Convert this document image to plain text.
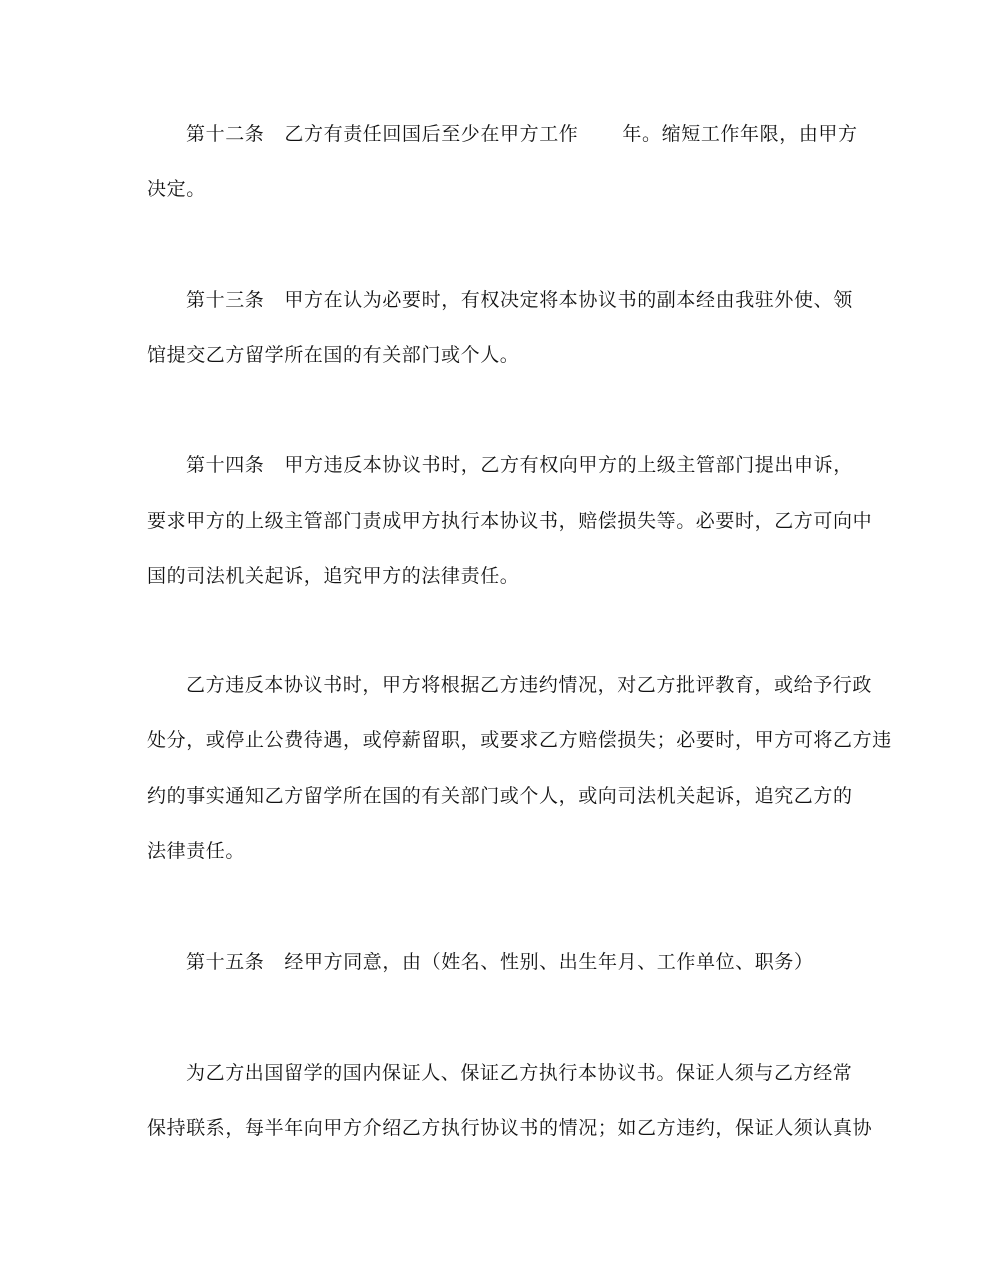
第十二条 乙方有责任回国后至少在甲方工作 年。缩短工作年限，由甲方
决定。
第十三条 甲方在认为必要时，有权决定将本协议书的副本经由我驻外使、领
馆提交乙方留学所在国的有关部门或个人。
第十四条 甲方违反本协议书时，乙方有权向甲方的上级主管部门提出申诉，
要求甲方的上级主管部门责成甲方执行本协议书，赔偿损失等。必要时，乙方可向中
国的司法机关起诉，追究甲方的法律责任。
乙方违反本协议书时，甲方将根据乙方违约情况，对乙方批评教育，或给予行政
处分，或停止公费待遇，或停薪留职，或要求乙方赔偿损失；必要时，甲方可将乙方违
约的事实通知乙方留学所在国的有关部门或个人，或向司法机关起诉，追究乙方的
法律责任。
第十五条 经甲方同意，由（姓名、性别、出生年月、工作单位、职务）
为乙方出国留学的国内保证人、保证乙方执行本协议书。保证人须与乙方经常
保持联系，每半年向甲方介绍乙方执行协议书的情况；如乙方违约，保证人须认真协
